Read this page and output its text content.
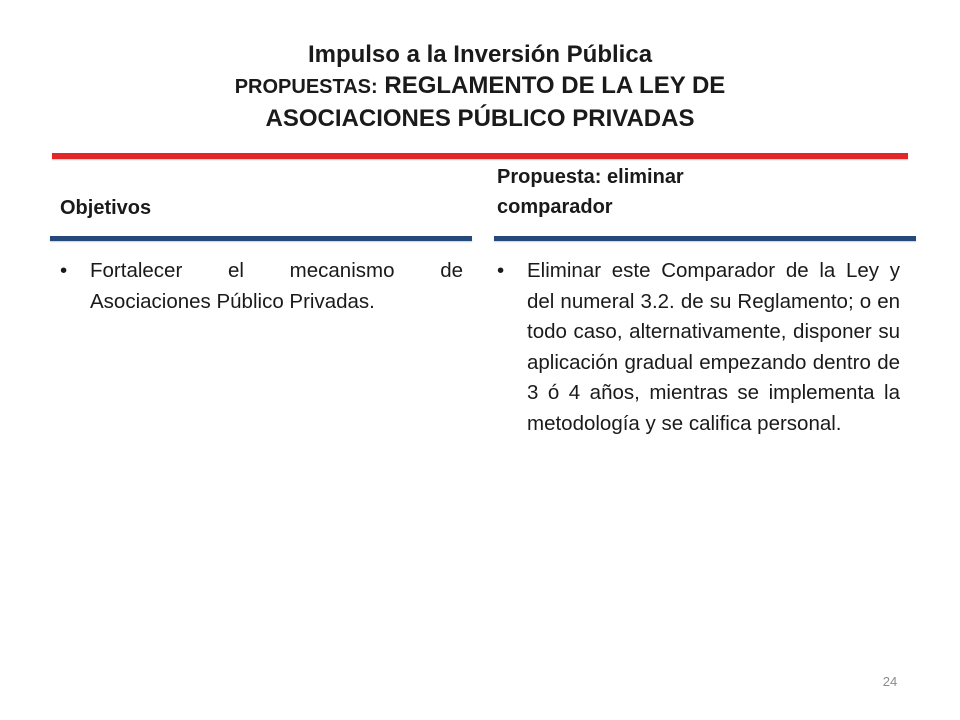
Impulso a la Inversión Pública
PROPUESTAS: REGLAMENTO DE LA LEY DE
ASOCIACIONES PÚBLICO PRIVADAS
Objetivos
Propuesta: eliminar
comparador
• Fortalecer el mecanismo de Asociaciones Público Privadas.
• Eliminar este Comparador de la Ley y del numeral 3.2. de su Reglamento; o en todo caso, alternativamente, disponer su aplicación gradual empezando dentro de 3 ó 4 años, mientras se implementa la metodología y se califica personal.
24
